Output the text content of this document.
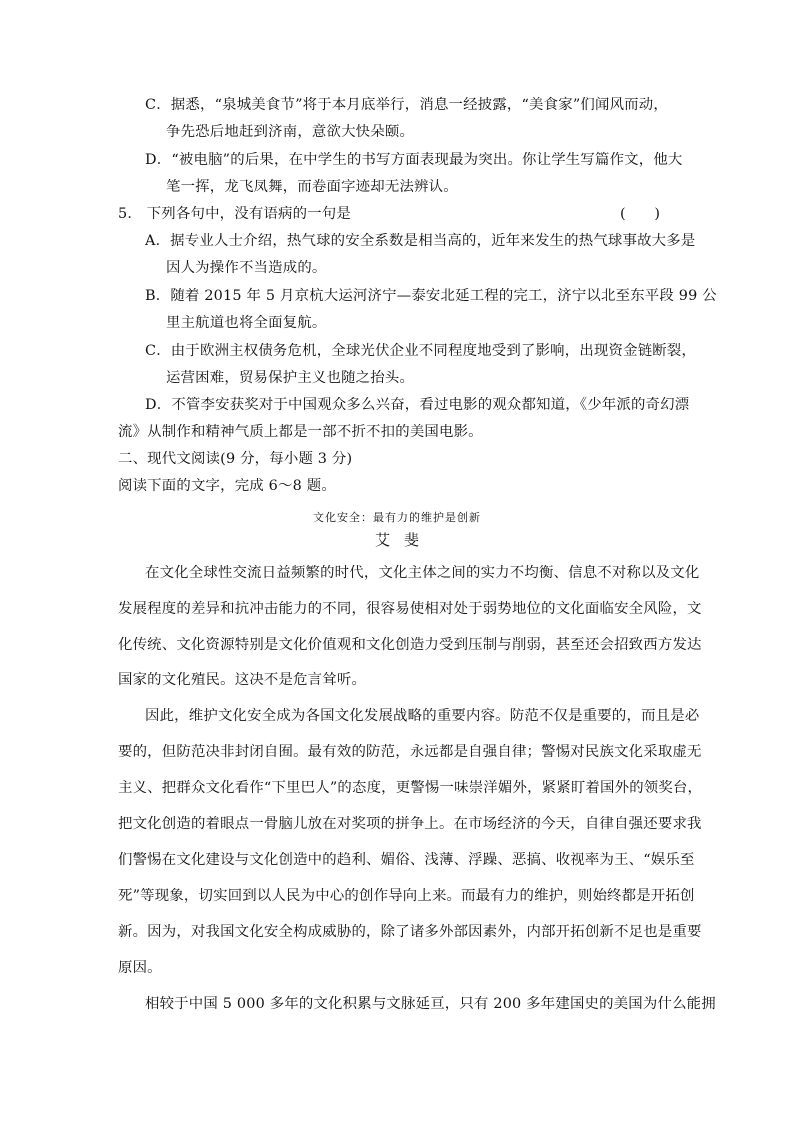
C．据悉，“泉城美食节”将于本月底举行，消息一经披露，“美食家”们闻风而动，
争先恐后地赶到济南，意欲大快朵颐。
D．“被电脑”的后果，在中学生的书写方面表现最为突出。你让学生写篇作文，他大
笔一挥，龙飞凤舞，而卷面字迹却无法辨认。
5． 下列各句中，没有语病的一句是	(　　)
A．据专业人士介绍，热气球的安全系数是相当高的，近年来发生的热气球事故大多是
因人为操作不当造成的。
B．随着 2015 年 5 月京杭大运河济宁—泰安北延工程的完工，济宁以北至东平段 99 公
里主航道也将全面复航。
C．由于欧洲主权债务危机，全球光伏企业不同程度地受到了影响，出现资金链断裂，
运营困难，贸易保护主义也随之抬头。
D．不管李安获奖对于中国观众多么兴奋，看过电影的观众都知道，《少年派的奇幻漂
流》从制作和精神气质上都是一部不折不扣的美国电影。
二、现代文阅读(9 分，每小题 3 分)
阅读下面的文字，完成 6～8 题。
文化安全：最有力的维护是创新
艾斐
在文化全球性交流日益频繁的时代，文化主体之间的实力不均衡、信息不对称以及文化
发展程度的差异和抗冲击能力的不同，很容易使相对处于弱势地位的文化面临安全风险，文
化传统、文化资源特别是文化价值观和文化创造力受到压制与削弱，甚至还会招致西方发达
国家的文化殖民。这决不是危言耸听。
因此，维护文化安全成为各国文化发展战略的重要内容。防范不仅是重要的，而且是必
要的，但防范决非封闭自囿。最有效的防范，永远都是自强自律；警惕对民族文化采取虚无
主义、把群众文化看作“下里巴人”的态度，更警惕一味崇洋媚外，紧紧盯着国外的领奖台，
把文化创造的着眼点一骨脑儿放在对奖项的拼争上。在市场经济的今天，自律自强还要求我
们警惕在文化建设与文化创造中的趋利、媚俗、浅薄、浮躁、恶搞、收视率为王、“娱乐至
死”等现象，切实回到以人民为中心的创作导向上来。而最有力的维护，则始终都是开拓创
新。因为，对我国文化安全构成威胁的，除了诸多外部因素外，内部开拓创新不足也是重要
原因。
相较于中国 5 000 多年的文化积累与文脉延亘，只有 200 多年建国史的美国为什么能拥
